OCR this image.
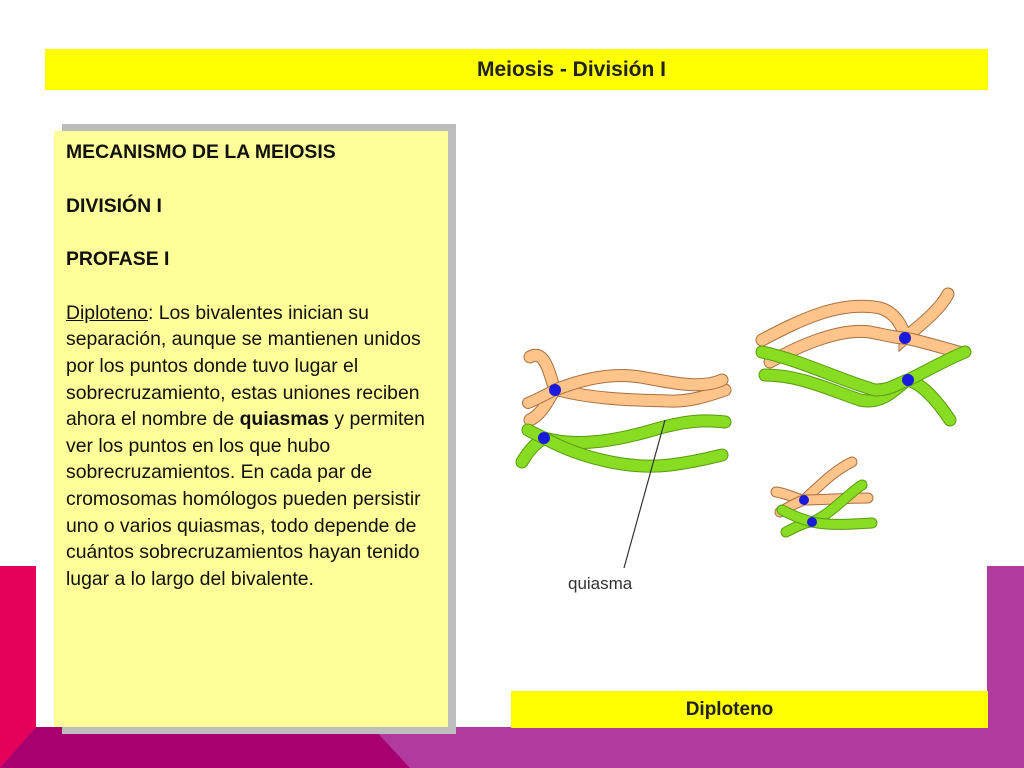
Meiosis - División I

MECANISMO DE LA MEIOSIS

DIVISIÓN I

PROFASE I

Diploteno: Los bivalentes inician su separación, aunque se mantienen unidos por los puntos donde tuvo lugar el sobrecruzamiento, estas uniones reciben ahora el nombre de quiasmas y permiten ver los puntos en los que hubo sobrecruzamientos. En cada par de cromosomas homólogos pueden persistir uno o varios quiasmas, todo depende de cuántos sobrecruzamientos hayan tenido lugar a lo largo del bivalente.	quiasma
Diploteno
